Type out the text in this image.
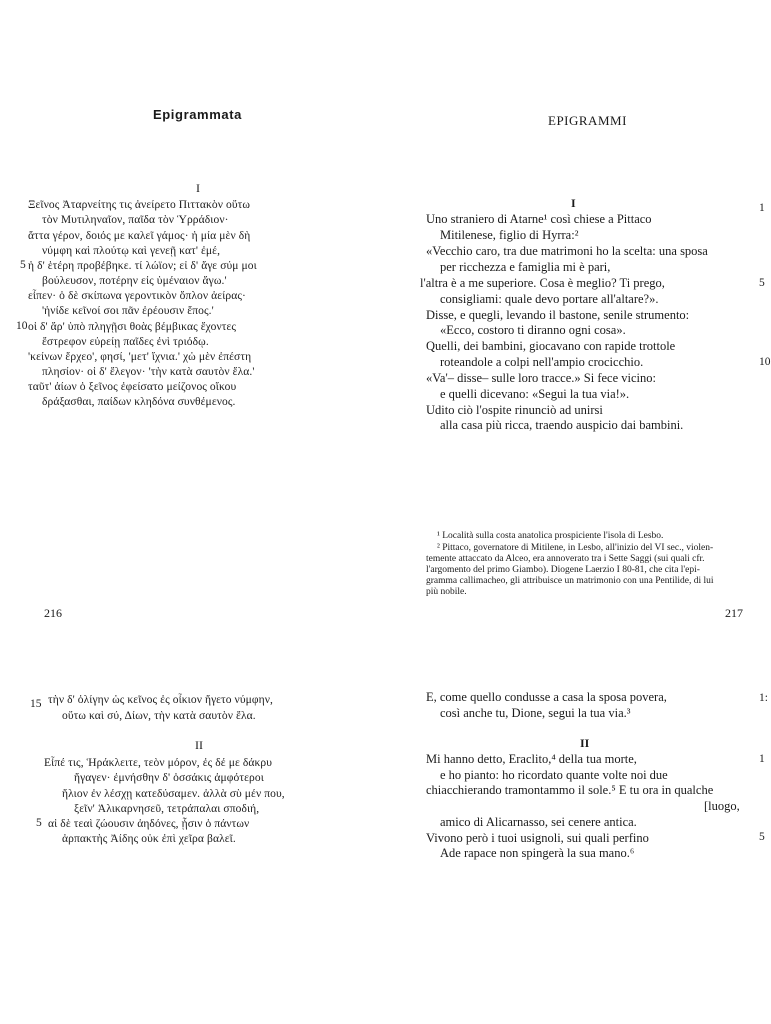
Epigrammata
I
Ξεῖνος Ἀταρνείτης τις ἀνείρετο Πιττακὸν οὕτω
τὸν Μυτιληναῖον, παῖδα τὸν Ὑρράδιον·
ἄττα γέρον, δοιός με καλεῖ γάμος· ἡ μία μὲν δὴ
νύμφη καὶ πλούτῳ καὶ γενεῇ κατ' ἐμέ,
ἡ δ' ἑτέρη προβέβηκε. τί λώϊον; εἰ δ' ἄγε σύμ μοι
βούλευσον, ποτέρην εἰς ὑμέναιον ἄγω.'
εἶπεν· ὁ δὲ σκίπωνα γεροντικὸν ὅπλον ἀείρας·
'ἠνίδε κεῖνοί σοι πᾶν ἐρέουσιν ἔπος.'
οἱ δ' ἄρ' ὑπὸ πληγῇσι θοὰς βέμβικας ἔχοντες
ἔστρεφον εὐρείῃ παῖδες ἐνὶ τριόδῳ.
'κείνων ἔρχεο', φησί, 'μετ' ἴχνια.' χὡ μὲν ἐπέστη
πλησίον· οἱ δ' ἔλεγον· 'τὴν κατὰ σαυτὸν ἔλα.'
ταῦτ' ἀίων ὁ ξεῖνος ἐφείσατο μείζονος οἴκου
δράξασθαι, παίδων κληδόνα συνθέμενος.
5
10
216
EPIGRAMMI
I
Uno straniero di Atarne¹ così chiese a Pittaco
Mitilenese, figlio di Hyrra:²
«Vecchio caro, tra due matrimoni ho la scelta: una sposa
per ricchezza e famiglia mi è pari,
l'altra è a me superiore. Cosa è meglio? Ti prego,
consigliami: quale devo portare all'altare?».
Disse, e quegli, levando il bastone, senile strumento:
«Ecco, costoro ti diranno ogni cosa».
Quelli, dei bambini, giocavano con rapide trottole
roteandole a colpi nell'ampio crocicchio.
«Va'– disse– sulle loro tracce.» Si fece vicino:
e quelli dicevano: «Segui la tua via!».
Udito ciò l'ospite rinunciò ad unirsi
alla casa più ricca, traendo auspicio dai bambini.
1
5
10
¹ Località sulla costa anatolica prospiciente l'isola di Lesbo.
² Pittaco, governatore di Mitilene, in Lesbo, all'inizio del VI sec., violen-
temente attaccato da Alceo, era annoverato tra i Sette Saggi (sui quali cfr.
l'argomento del primo Giambo). Diogene Laerzio I 80-81, che cita l'epi-
gramma callimacheo, gli attribuisce un matrimonio con una Pentilide, di lui
più nobile.
217
τὴν δ' ὀλίγην ὡς κεῖνος ἐς οἶκιον ἤγετο νύμφην,
οὕτω καὶ σύ, Δίων, τὴν κατὰ σαυτὸν ἔλα.
15
II
Εἶπέ τις, Ἡράκλειτε, τεὸν μόρον, ἐς δέ με δάκρυ
ἤγαγεν· ἐμνήσθην δ' ὁσσάκις ἀμφότεροι
ἥλιον ἐν λέσχῃ κατεδύσαμεν. ἀλλὰ σὺ μέν που,
ξεῖν' Ἁλικαρνησεῦ, τετράπαλαι σποδιή,
αἱ δὲ τεαὶ ζώουσιν ἀηδόνες, ᾗσιν ὁ πάντων
ἁρπακτὴς Ἀίδης οὐκ ἐπὶ χεῖρα βαλεῖ.
5
E, come quello condusse a casa la sposa povera,
così anche tu, Dione, segui la tua via.³
1:
II
Mi hanno detto, Eraclito,⁴ della tua morte,
e ho pianto: ho ricordato quante volte noi due
chiacchierando tramontammo il sole.⁵ E tu ora in qualche
[luogo,
amico di Alicarnasso, sei cenere antica.
Vivono però i tuoi usignoli, sui quali perfino
Ade rapace non spingerà la sua mano.⁶
1
5
